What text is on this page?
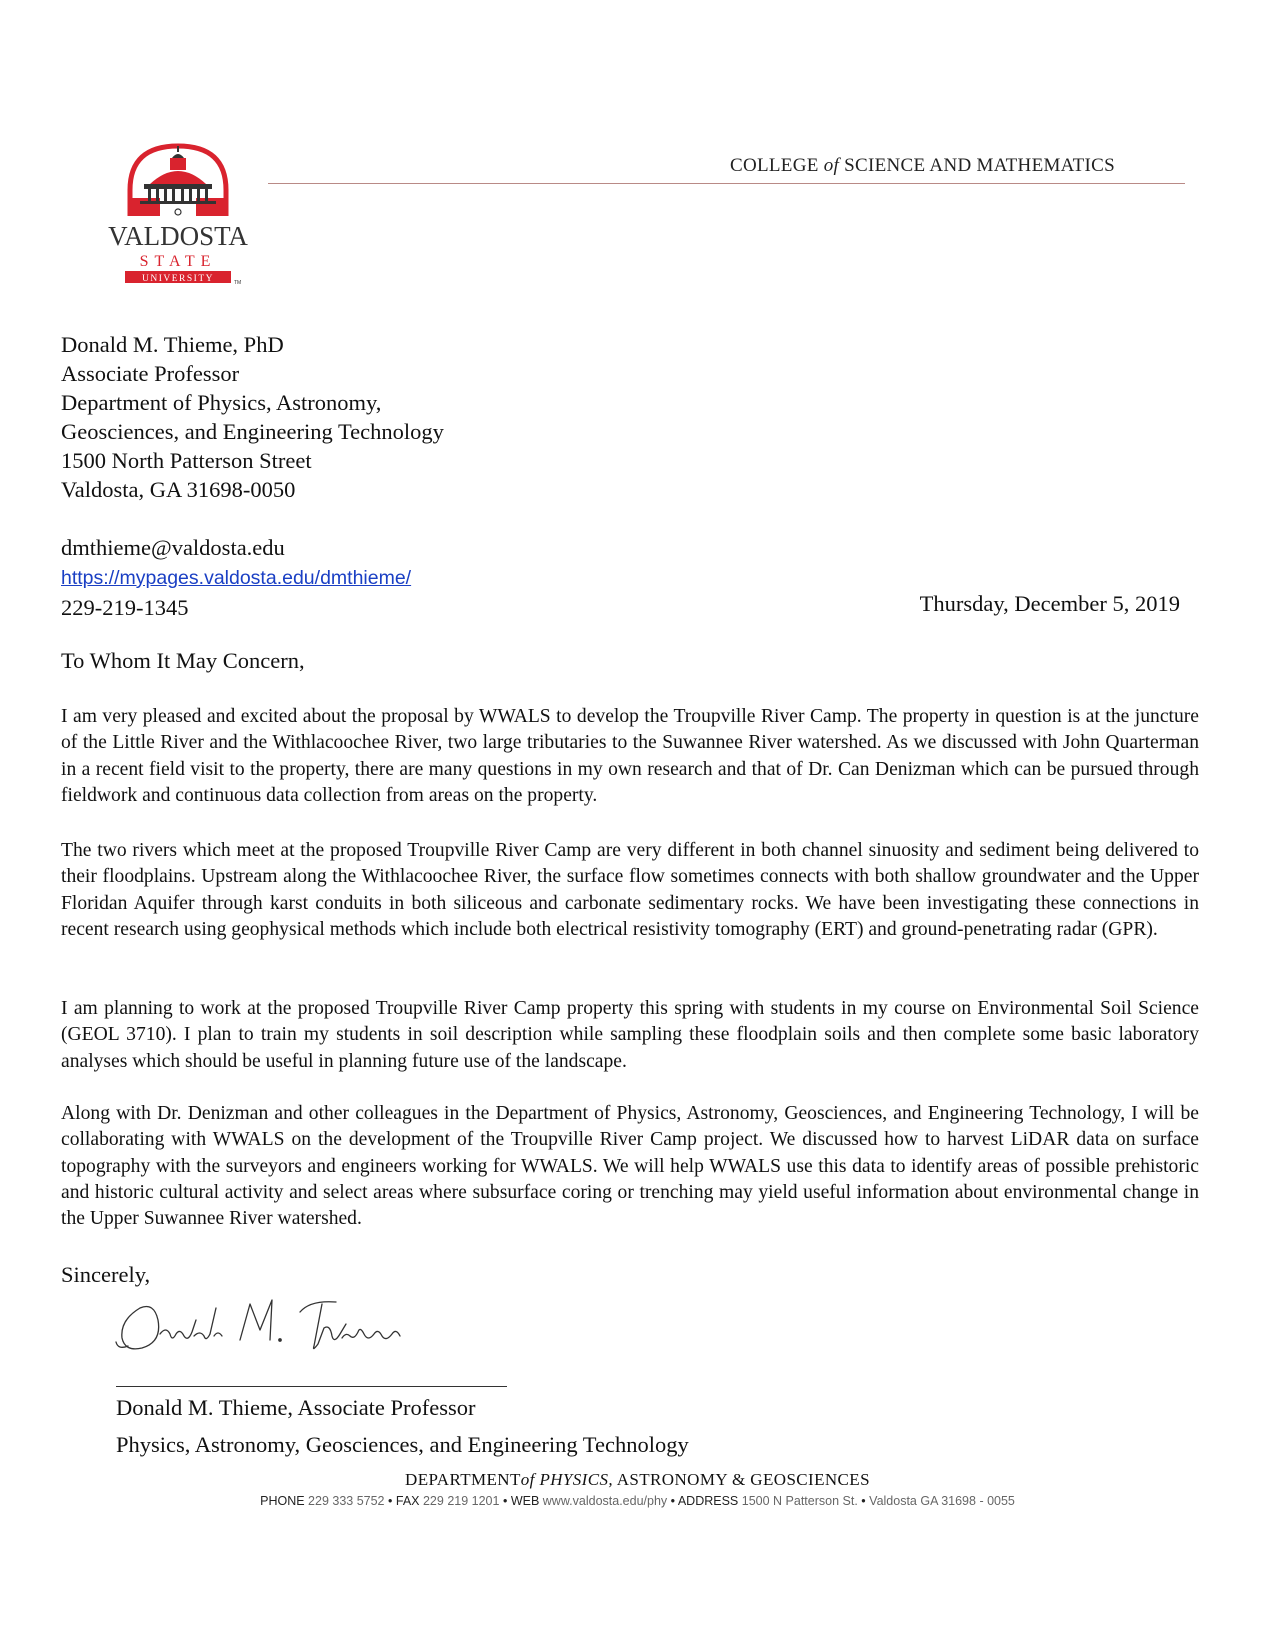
VALDOSTA
STATE
UNIVERSITY	TM
COLLEGE of SCIENCE AND MATHEMATICS
Donald M. Thieme, PhD
Associate Professor
Department of Physics, Astronomy,
Geosciences, and Engineering Technology
1500 North Patterson Street
Valdosta, GA 31698-0050
dmthieme@valdosta.edu
https://mypages.valdosta.edu/dmthieme/
229-219-1345	Thursday, December 5, 2019
To Whom It May Concern,

I am very pleased and excited about the proposal by WWALS to develop the Troupville River Camp. The property in question is at the juncture of the Little River and the Withlacoochee River, two large tributaries to the Suwannee River watershed. As we discussed with John Quarterman in a recent field visit to the property, there are many questions in my own research and that of Dr. Can Denizman which can be pursued through fieldwork and continuous data collection from areas on the property.

The two rivers which meet at the proposed Troupville River Camp are very different in both channel sinuosity and sediment being delivered to their floodplains. Upstream along the Withlacoochee River, the surface flow sometimes connects with both shallow groundwater and the Upper Floridan Aquifer through karst conduits in both siliceous and carbonate sedimentary rocks. We have been investigating these connections in recent research using geophysical methods which include both electrical resistivity tomography (ERT) and ground-penetrating radar (GPR).

I am planning to work at the proposed Troupville River Camp property this spring with students in my course on Environmental Soil Science (GEOL 3710). I plan to train my students in soil description while sampling these floodplain soils and then complete some basic laboratory analyses which should be useful in planning future use of the landscape.

Along with Dr. Denizman and other colleagues in the Department of Physics, Astronomy, Geosciences, and Engineering Technology, I will be collaborating with WWALS on the development of the Troupville River Camp project. We discussed how to harvest LiDAR data on surface topography with the surveyors and engineers working for WWALS. We will help WWALS use this data to identify areas of possible prehistoric and historic cultural activity and select areas where subsurface coring or trenching may yield useful information about environmental change in the Upper Suwannee River watershed.

Sincerely,
Donald M. Thieme, Associate Professor
Physics, Astronomy, Geosciences, and Engineering Technology
DEPARTMENTof PHYSICS, ASTRONOMY & GEOSCIENCES
PHONE 229 333 5752 • FAX 229 219 1201 • WEB www.valdosta.edu/phy • ADDRESS 1500 N Patterson St. • Valdosta GA 31698 - 0055
